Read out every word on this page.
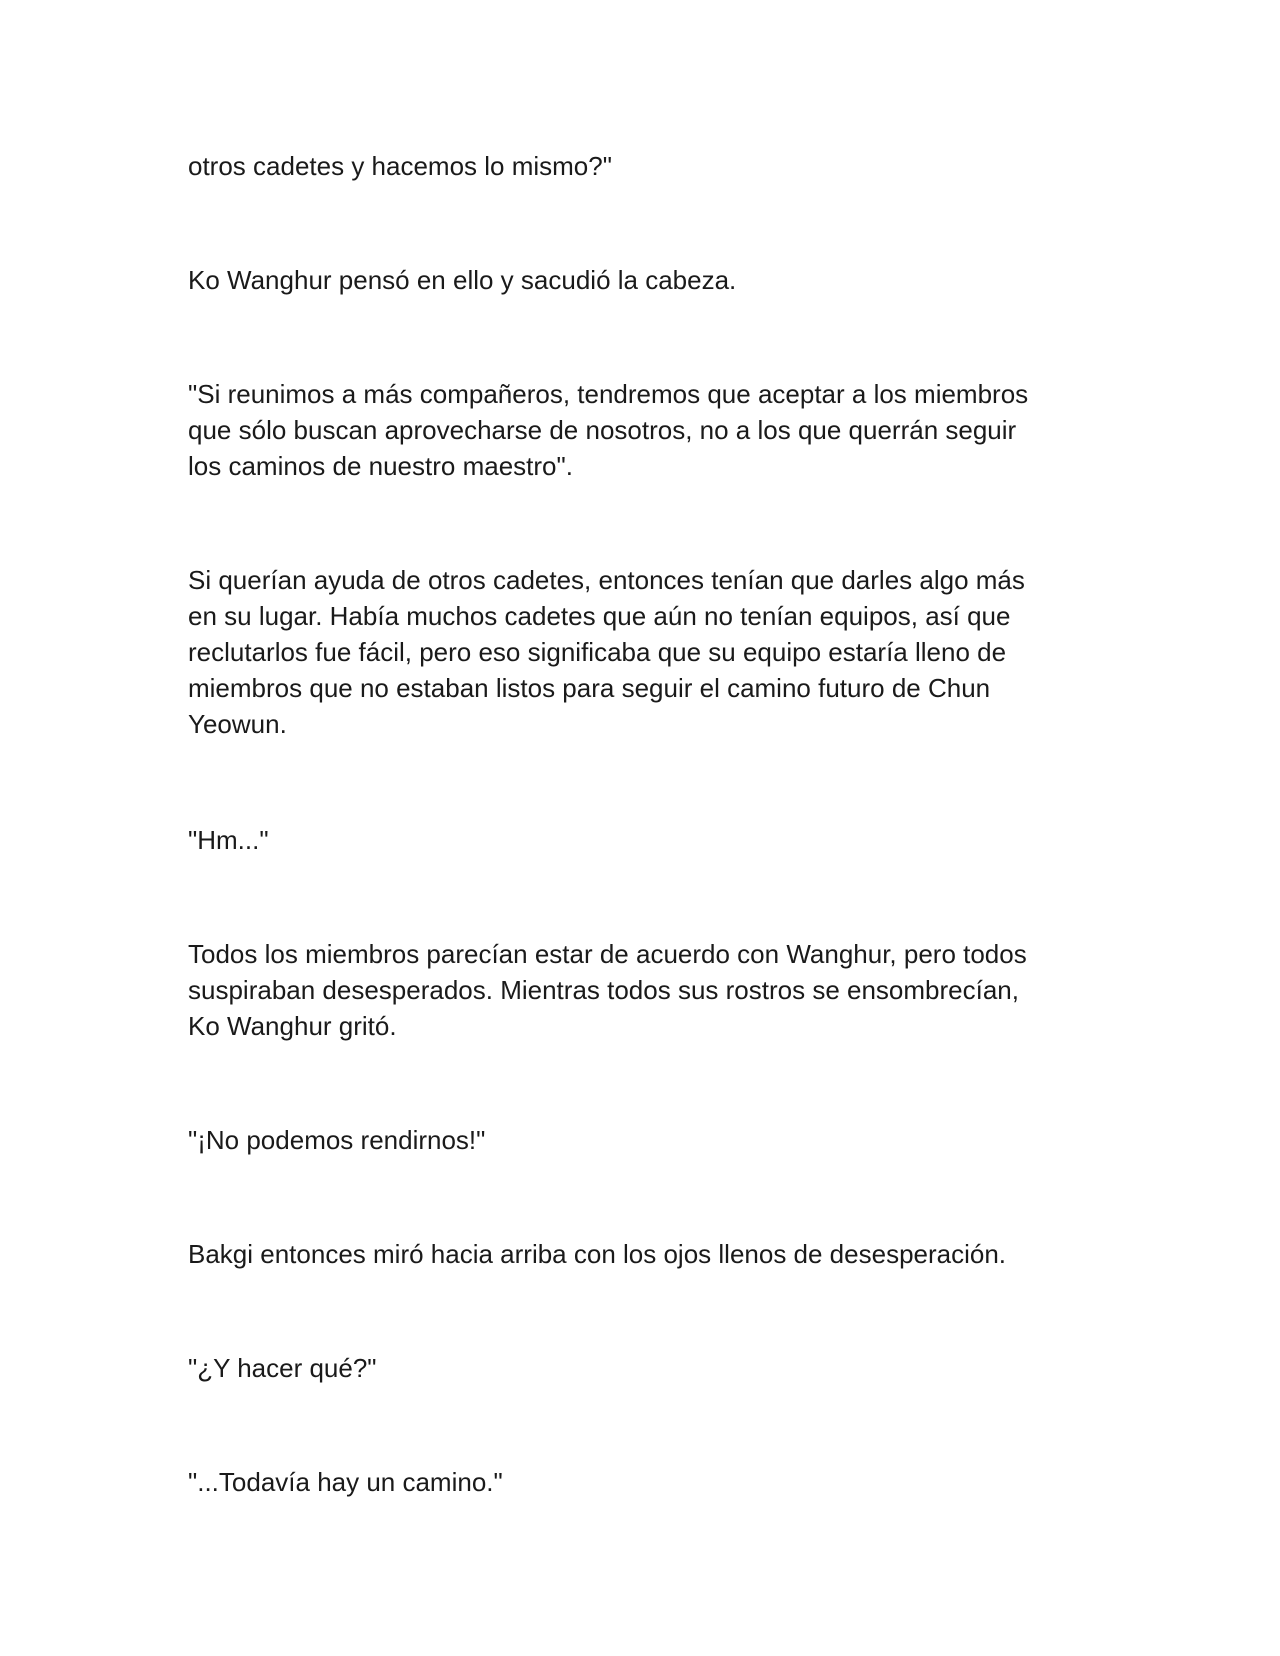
otros cadetes y hacemos lo mismo?"

Ko Wanghur pensó en ello y sacudió la cabeza.

"Si reunimos a más compañeros, tendremos que aceptar a los miembros
que sólo buscan aprovecharse de nosotros, no a los que querrán seguir
los caminos de nuestro maestro".

Si querían ayuda de otros cadetes, entonces tenían que darles algo más
en su lugar. Había muchos cadetes que aún no tenían equipos, así que
reclutarlos fue fácil, pero eso significaba que su equipo estaría lleno de
miembros que no estaban listos para seguir el camino futuro de Chun
Yeowun.

"Hm..."

Todos los miembros parecían estar de acuerdo con Wanghur, pero todos
suspiraban desesperados. Mientras todos sus rostros se ensombrecían,
Ko Wanghur gritó.

"¡No podemos rendirnos!"

Bakgi entonces miró hacia arriba con los ojos llenos de desesperación.

"¿Y hacer qué?"

"...Todavía hay un camino."
